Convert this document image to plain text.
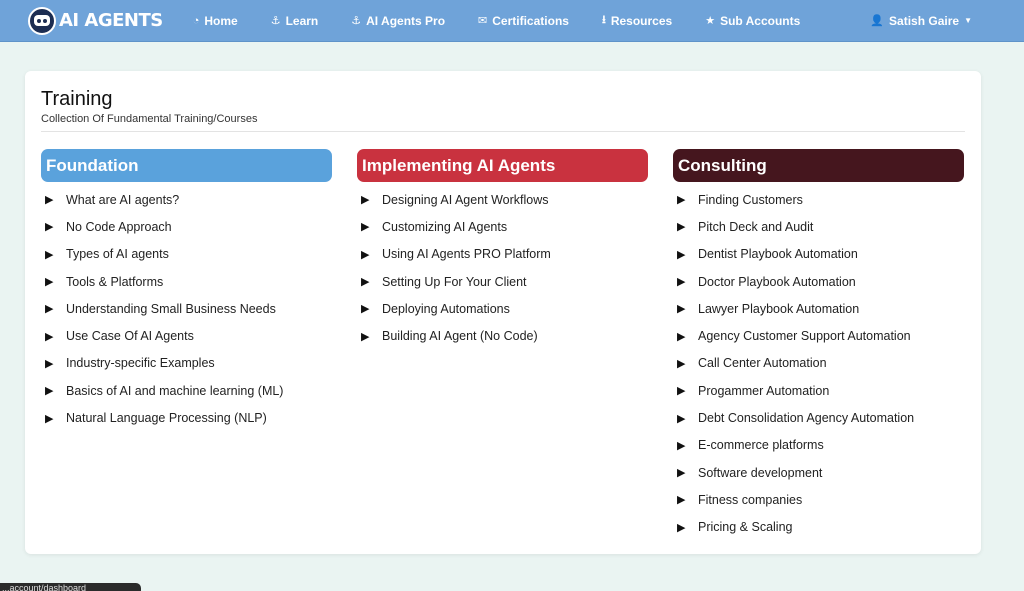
AI AGENTS	◔ Home	⚓ Learn	⚓ AI Agents Pro	✉ Certifications	⭳ Resources	★ Sub Accounts	👤 Satish Gaire ▼
Training
Collection Of Fundamental Training/Courses
Foundation
▶	What are AI agents?
▶	No Code Approach
▶	Types of AI agents
▶	Tools & Platforms
▶	Understanding Small Business Needs
▶	Use Case Of AI Agents
▶	Industry-specific Examples
▶	Basics of AI and machine learning (ML)
▶	Natural Language Processing (NLP)
Implementing AI Agents
▶	Designing AI Agent Workflows
▶	Customizing AI Agents
▶	Using AI Agents PRO Platform
▶	Setting Up For Your Client
▶	Deploying Automations
▶	Building AI Agent (No Code)
Consulting
▶	Finding Customers
▶	Pitch Deck and Audit
▶	Dentist Playbook Automation
▶	Doctor Playbook Automation
▶	Lawyer Playbook Automation
▶	Agency Customer Support Automation
▶	Call Center Automation
▶	Progammer Automation
▶	Debt Consolidation Agency Automation
▶	E-commerce platforms
▶	Software development
▶	Fitness companies
▶	Pricing & Scaling
...account/dashboard
